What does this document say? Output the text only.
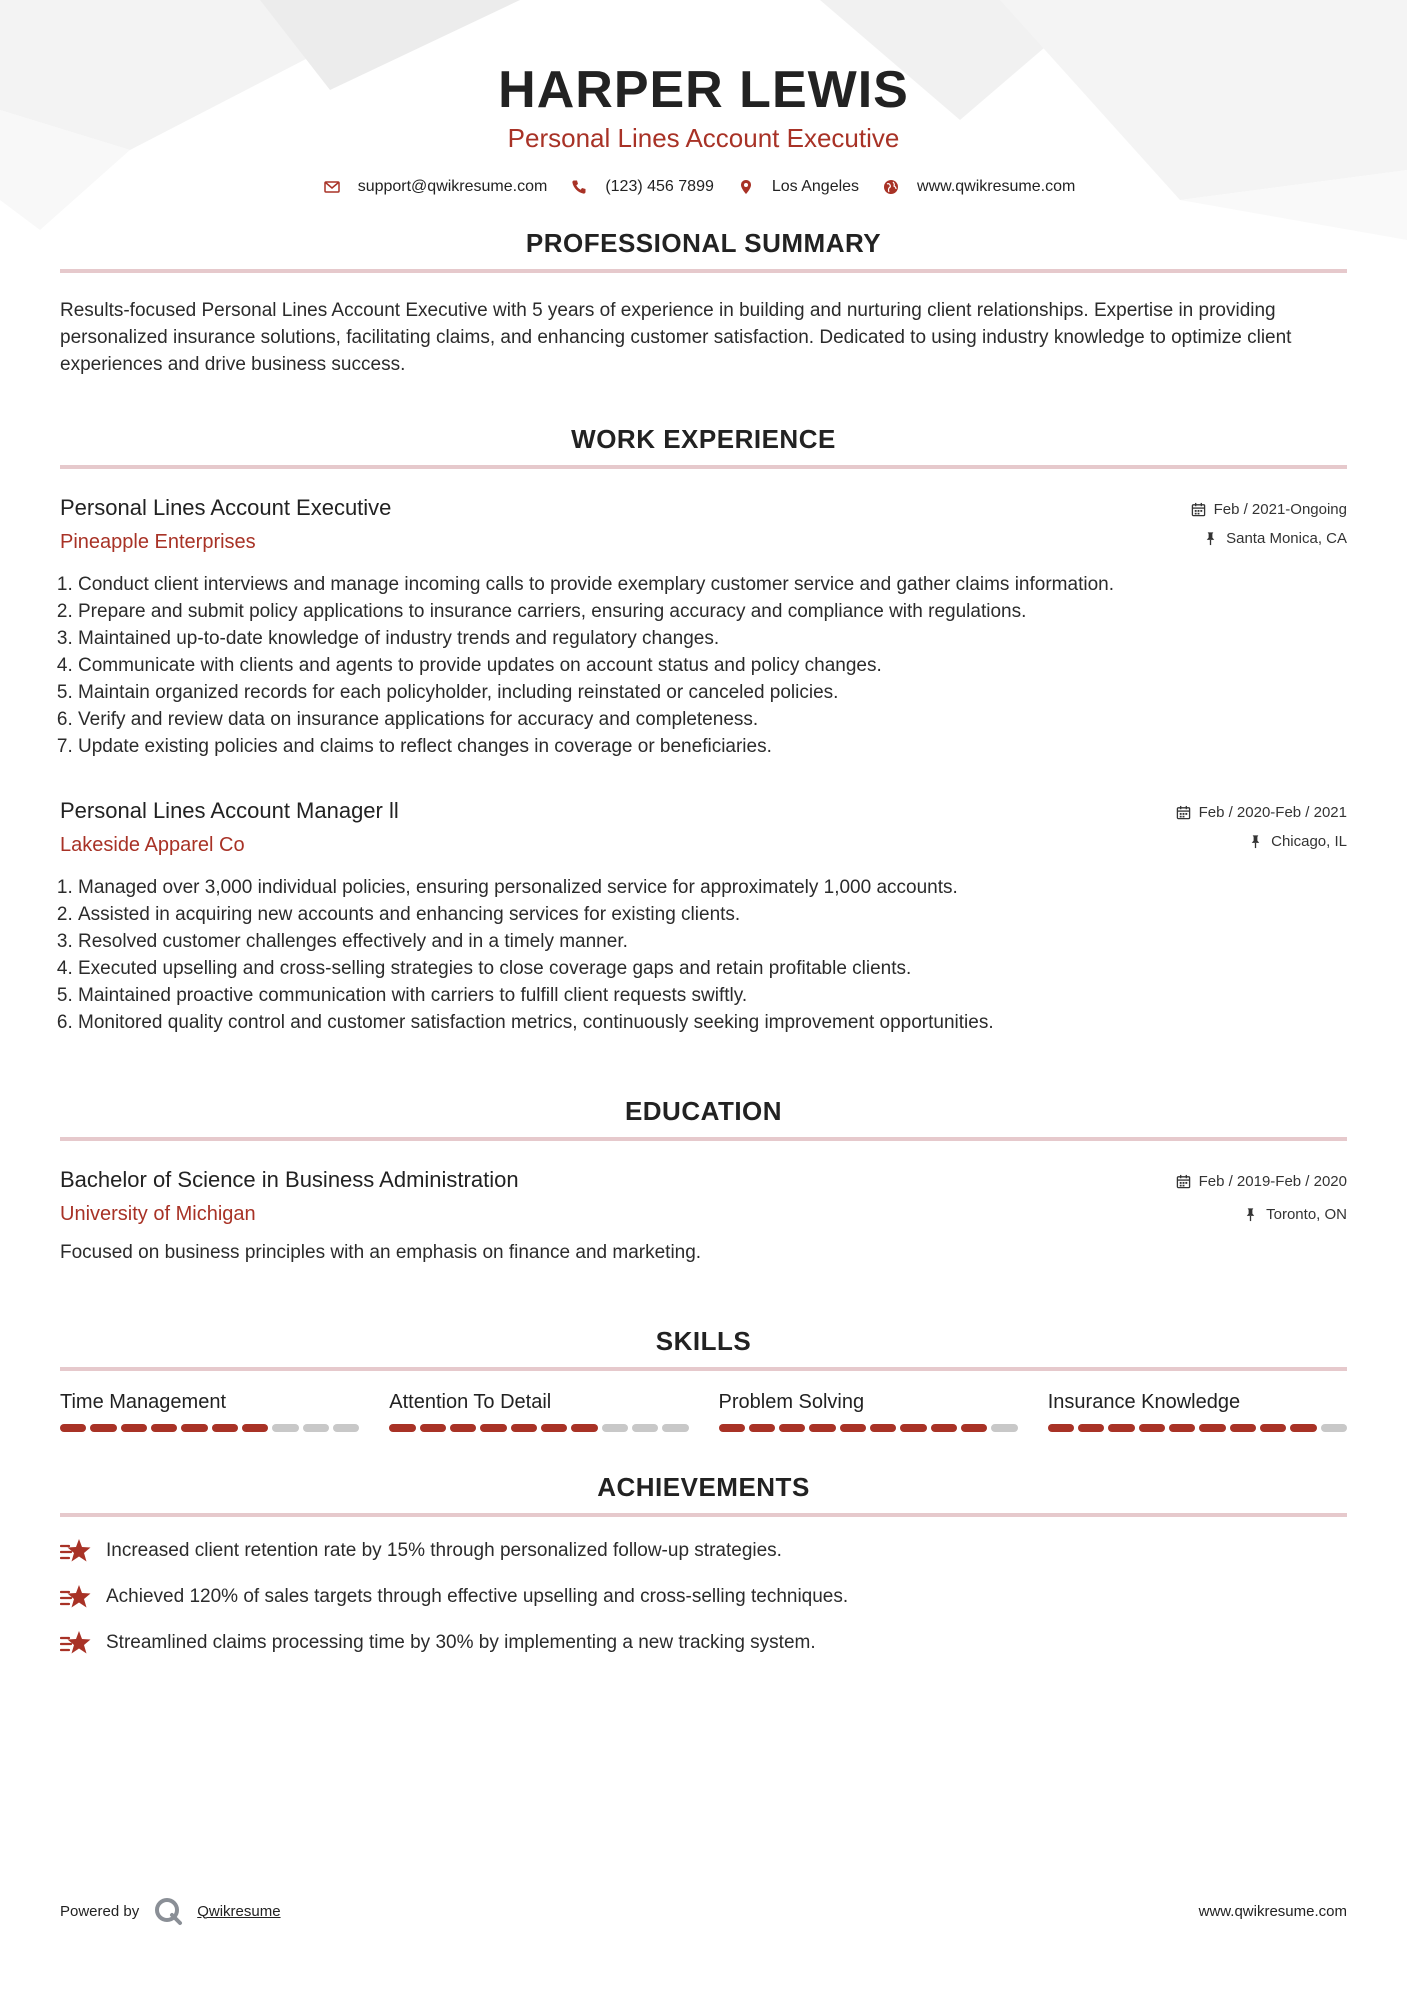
HARPER LEWIS
Personal Lines Account Executive
support@qwikresume.com	(123) 456 7899	Los Angeles	www.qwikresume.com
PROFESSIONAL SUMMARY

Results-focused Personal Lines Account Executive with 5 years of experience in building and nurturing client relationships. Expertise in providing personalized insurance solutions, facilitating claims, and enhancing customer satisfaction. Dedicated to using industry knowledge to optimize client experiences and drive business success.

WORK EXPERIENCE
Personal Lines Account Executive
Pineapple Enterprises
Feb / 2021-Ongoing
Santa Monica, CA
1. Conduct client interviews and manage incoming calls to provide exemplary customer service and gather claims information.
2. Prepare and submit policy applications to insurance carriers, ensuring accuracy and compliance with regulations.
3. Maintained up-to-date knowledge of industry trends and regulatory changes.
4. Communicate with clients and agents to provide updates on account status and policy changes.
5. Maintain organized records for each policyholder, including reinstated or canceled policies.
6. Verify and review data on insurance applications for accuracy and completeness.
7. Update existing policies and claims to reflect changes in coverage or beneficiaries.
Personal Lines Account Manager ll
Lakeside Apparel Co
Feb / 2020-Feb / 2021
Chicago, IL
1. Managed over 3,000 individual policies, ensuring personalized service for approximately 1,000 accounts.
2. Assisted in acquiring new accounts and enhancing services for existing clients.
3. Resolved customer challenges effectively and in a timely manner.
4. Executed upselling and cross-selling strategies to close coverage gaps and retain profitable clients.
5. Maintained proactive communication with carriers to fulfill client requests swiftly.
6. Monitored quality control and customer satisfaction metrics, continuously seeking improvement opportunities.
EDUCATION
Bachelor of Science in Business Administration
University of Michigan
Feb / 2019-Feb / 2020
Toronto, ON
Focused on business principles with an emphasis on finance and marketing.
SKILLS
Time Management	Attention To Detail	Problem Solving	Insurance Knowledge
ACHIEVEMENTS
Increased client retention rate by 15% through personalized follow-up strategies.
Achieved 120% of sales targets through effective upselling and cross-selling techniques.
Streamlined claims processing time by 30% by implementing a new tracking system.
Powered by	Qwikresume	www.qwikresume.com
